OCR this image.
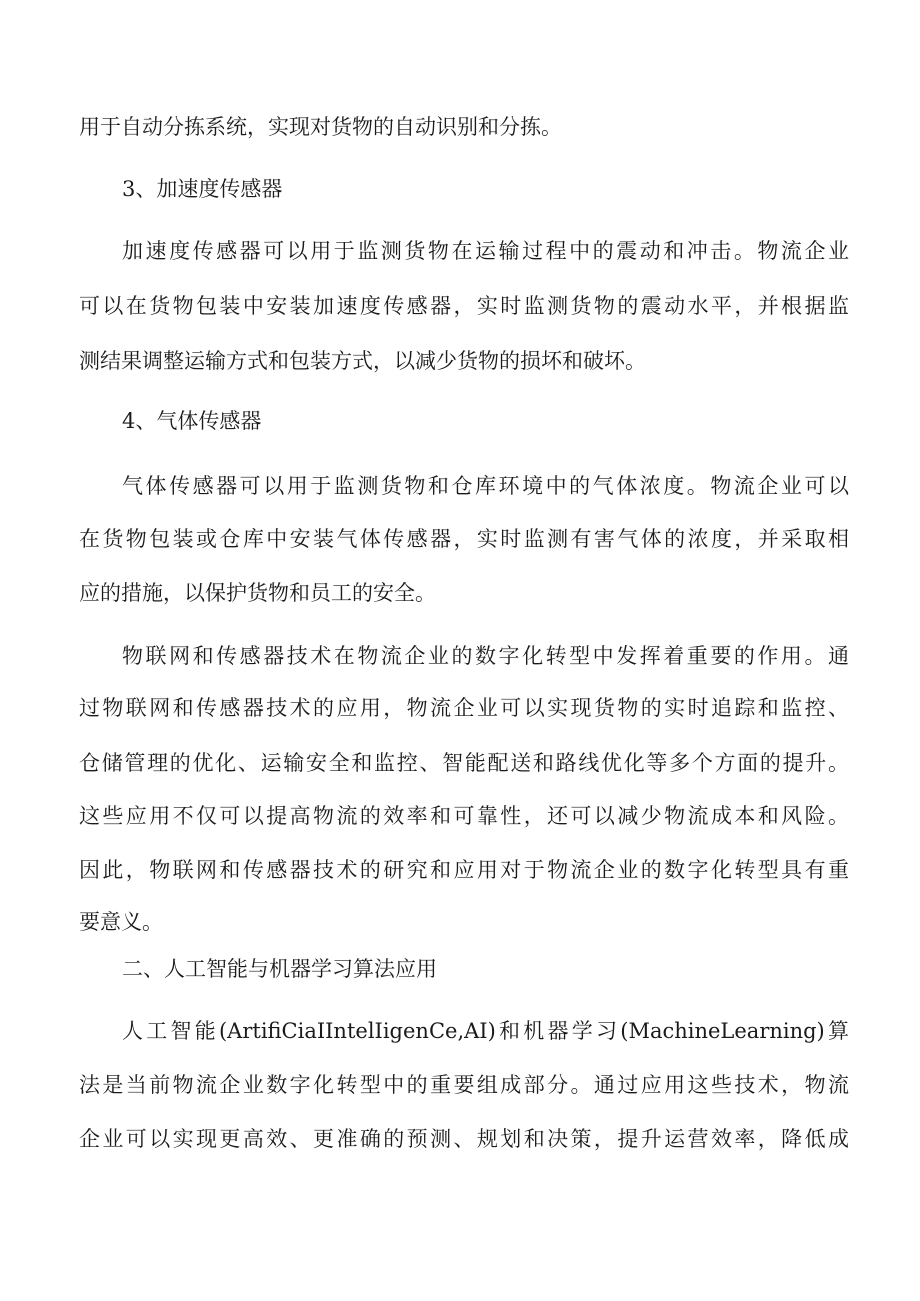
用于自动分拣系统，实现对货物的自动识别和分拣。
3、加速度传感器
加速度传感器可以用于监测货物在运输过程中的震动和冲击。物流企业
可以在货物包装中安装加速度传感器，实时监测货物的震动水平，并根据监
测结果调整运输方式和包装方式，以减少货物的损坏和破坏。
4、气体传感器
气体传感器可以用于监测货物和仓库环境中的气体浓度。物流企业可以
在货物包装或仓库中安装气体传感器，实时监测有害气体的浓度，并采取相
应的措施，以保护货物和员工的安全。
物联网和传感器技术在物流企业的数字化转型中发挥着重要的作用。通
过物联网和传感器技术的应用，物流企业可以实现货物的实时追踪和监控、
仓储管理的优化、运输安全和监控、智能配送和路线优化等多个方面的提升。
这些应用不仅可以提高物流的效率和可靠性，还可以减少物流成本和风险。
因此，物联网和传感器技术的研究和应用对于物流企业的数字化转型具有重
要意义。
二、人工智能与机器学习算法应用
人工智能(ArtifiCiaIIntelIigenCe,AI)和机器学习(MachineLearning)算
法是当前物流企业数字化转型中的重要组成部分。通过应用这些技术，物流
企业可以实现更高效、更准确的预测、规划和决策，提升运营效率，降低成
